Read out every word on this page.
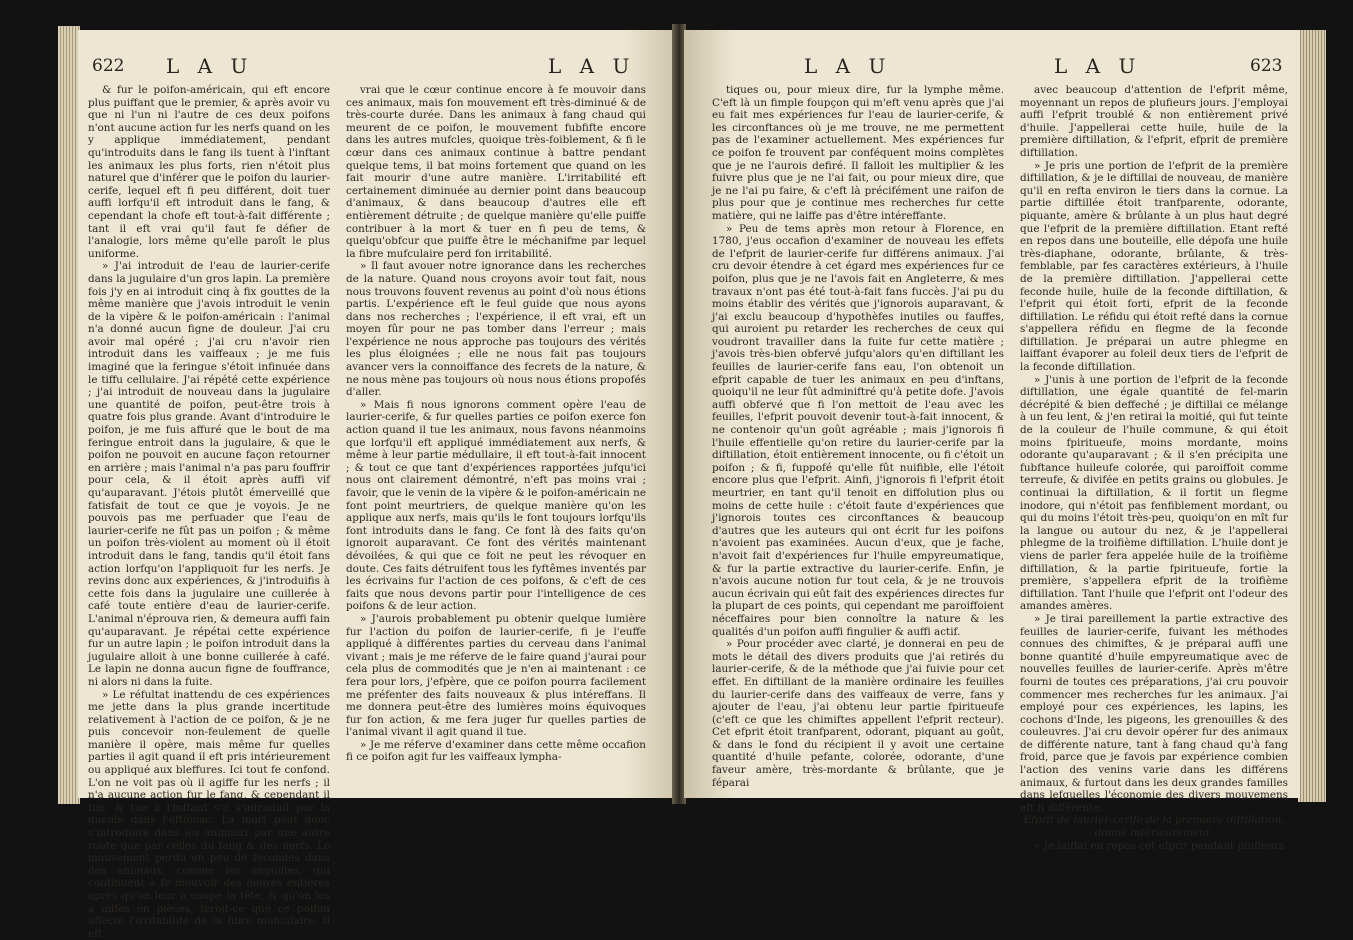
622 L A U

& fur le poifon-américain, qui eft encore plus puiffant que le premier, & après avoir vu que ni l'un ni l'autre de ces deux poifons n'ont aucune action fur les nerfs quand on les y applique immédiatement, pendant qu'introduits dans le fang ils tuent à l'inftant les animaux les plus forts, rien n'étoit plus naturel que d'inférer que le poifon du laurier-cerife, lequel eft fi peu différent, doit tuer auffi lorfqu'il eft introduit dans le fang, & cependant la chofe eft tout-à-fait différente ; tant il eft vrai qu'il faut fe défier de l'analogie, lors même qu'elle paroît le plus uniforme.

» J'ai introduit de l'eau de laurier-cerife dans la jugulaire d'un gros lapin. La première fois j'y en ai introduit cinq à fix gouttes de la même manière que j'avois introduit le venin de la vipère & le poifon-américain : l'animal n'a donné aucun figne de douleur. J'ai cru avoir mal opéré ; j'ai cru n'avoir rien introduit dans les vaiffeaux ; je me fuis imaginé que la feringue s'étoit infinuée dans le tiffu cellulaire. J'ai répété cette expérience ; j'ai introduit de nouveau dans la jugulaire une quantité de poifon, peut-être trois à quatre fois plus grande. Avant d'introduire le poifon, je me fuis affuré que le bout de ma feringue entroit dans la jugulaire, & que le poifon ne pouvoit en aucune façon retourner en arrière ; mais l'animal n'a pas paru fouffrir pour cela, & il étoit après auffi vif qu'auparavant. J'étois plutôt émerveillé que fatisfait de tout ce que je voyois. Je ne pouvois pas me perfuader que l'eau de laurier-cerife ne fût pas un poifon ; & même un poifon très-violent au moment où il étoit introduit dans le fang, tandis qu'il étoit fans action lorfqu'on l'appliquoit fur les nerfs. Je revins donc aux expériences, & j'introduifis à cette fois dans la jugulaire une cuillerée à café toute entière d'eau de laurier-cerife. L'animal n'éprouva rien, & demeura auffi fain qu'auparavant. Je répétai cette expérience fur un autre lapin ; le poifon introduit dans la jugulaire alloit à une bonne cuillerée à café. Le lapin ne donna aucun figne de fouffrance, ni alors ni dans la fuite.

» Le réfultat inattendu de ces expériences me jette dans la plus grande incertitude relativement à l'action de ce poifon, & je ne puis concevoir non-feulement de quelle manière il opère, mais même fur quelles parties il agit quand il eft pris intérieurement ou appliqué aux bleffures. Ici tout fe confond. L'on ne voit pas où il agiffe fur les nerfs ; il n'a aucune action fur le fang, & cependant il tue, & tue à l'inftant s'il s'introduit par la gueule dans l'eftomac. La mort peut donc s'introduire dans les animaux par une autre route que par celles du fang & des nerfs. Le mouvement perdu en peu de fecondes dans des animaux, comme les anguilles, qui continuent à fe mouvoir des heures entières après qu'on leur a coupé la tête, & qu'on les a mifes en pièces, feroit-ce que ce poifon affecte l'irritabilité de la fibre mufculaire. Il eft

L A U

vrai que le cœur continue encore à fe mouvoir dans ces animaux, mais fon mouvement eft très-diminué & de très-courte durée. Dans les animaux à fang chaud qui meurent de ce poifon, le mouvement fubfifte encore dans les autres mufcles, quoique très-foiblement, & fi le cœur dans ces animaux continue à battre pendant quelque tems, il bat moins fortement que quand on les fait mourir d'une autre manière. L'irritabilité eft certainement diminuée au dernier point dans beaucoup d'animaux, & dans beaucoup d'autres elle eft entièrement détruite ; de quelque manière qu'elle puiffe contribuer à la mort & tuer en fi peu de tems, & quelqu'obfcur que puiffe être le méchanifme par lequel la fibre mufculaire perd fon irritabilité.

» Il faut avouer notre ignorance dans les recherches de la nature. Quand nous croyons avoir tout fait, nous nous trouvons fouvent revenus au point d'où nous étions partis. L'expérience eft le feul guide que nous ayons dans nos recherches ; l'expérience, il eft vrai, eft un moyen fûr pour ne pas tomber dans l'erreur ; mais l'expérience ne nous approche pas toujours des vérités les plus éloignées ; elle ne nous fait pas toujours avancer vers la connoiffance des fecrets de la nature, & ne nous mène pas toujours où nous nous étions propofés d'aller.

» Mais fi nous ignorons comment opère l'eau de laurier-cerife, & fur quelles parties ce poifon exerce fon action quand il tue les animaux, nous favons néanmoins que lorfqu'il eft appliqué immédiatement aux nerfs, & même à leur partie médullaire, il eft tout-à-fait innocent ; & tout ce que tant d'expériences rapportées jufqu'ici nous ont clairement démontré, n'eft pas moins vrai ; favoir, que le venin de la vipère & le poifon-américain ne font point meurtriers, de quelque manière qu'on les applique aux nerfs, mais qu'ils le font toujours lorfqu'ils font introduits dans le fang. Ce font là des faits qu'on ignoroit auparavant. Ce font des vérités maintenant dévoilées, & qui que ce foit ne peut les révoquer en doute. Ces faits détruifent tous les fyftêmes inventés par les écrivains fur l'action de ces poifons, & c'eft de ces faits que nous devons partir pour l'intelligence de ces poifons & de leur action.

» J'aurois probablement pu obtenir quelque lumière fur l'action du poifon de laurier-cerife, fi je l'euffe appliqué à différentes parties du cerveau dans l'animal vivant ; mais je me réferve de le faire quand j'aurai pour cela plus de commodités que je n'en ai maintenant : ce fera pour lors, j'efpère, que ce poifon pourra facilement me préfenter des faits nouveaux & plus intéreffans. Il me donnera peut-être des lumières moins équivoques fur fon action, & me fera juger fur quelles parties de l'animal vivant il agit quand il tue.

» Je me réferve d'examiner dans cette même occafion fi ce poifon agit fur les vaiffeaux lympha-

L A U

tiques ou, pour mieux dire, fur la lymphe même. C'eft là un fimple foupçon qui m'eft venu après que j'ai eu fait mes expériences fur l'eau de laurier-cerife, & les circonftances où je me trouve, ne me permettent pas de l'examiner actuellement. Mes expériences fur ce poifon fe trouvent par conféquent moins complètes que je ne l'aurois defiré. Il falloit les multiplier & les fuivre plus que je ne l'ai fait, ou pour mieux dire, que je ne l'ai pu faire, & c'eft là précifément une raifon de plus pour que je continue mes recherches fur cette matière, qui ne laiffe pas d'être intéreffante.

» Peu de tems après mon retour à Florence, en 1780, j'eus occafion d'examiner de nouveau les effets de l'efprit de laurier-cerife fur différens animaux. J'ai cru devoir étendre à cet égard mes expériences fur ce poifon, plus que je ne l'avois fait en Angleterre, & mes travaux n'ont pas été tout-à-fait fans fuccès. J'ai pu du moins établir des vérités que j'ignorois auparavant, & j'ai exclu beaucoup d'hypothèfes inutiles ou fauffes, qui auroient pu retarder les recherches de ceux qui voudront travailler dans la fuite fur cette matière ; j'avois très-bien obfervé jufqu'alors qu'en diftillant les feuilles de laurier-cerife fans eau, l'on obtenoit un efprit capable de tuer les animaux en peu d'inftans, quoiqu'il ne leur fût adminiftré qu'à petite dofe. J'avois auffi obfervé que fi l'on mettoit de l'eau avec les feuilles, l'efprit pouvoit devenir tout-à-fait innocent, & ne contenoir qu'un goût agréable ; mais j'ignorois fi l'huile effentielle qu'on retire du laurier-cerife par la diftillation, étoit entièrement innocente, ou fi c'étoit un poifon ; & fi, fuppofé qu'elle fût nuifible, elle l'étoit encore plus que l'efprit. Ainfi, j'ignorois fi l'efprit étoit meurtrier, en tant qu'il tenoit en diffolution plus ou moins de cette huile : c'étoit faute d'expériences que j'ignorois toutes ces circonftances & beaucoup d'autres que les auteurs qui ont écrit fur les poifons n'avoient pas examinées. Aucun d'eux, que je fache, n'avoit fait d'expériences fur l'huile empyreumatique, & fur la partie extractive du laurier-cerife. Enfin, je n'avois aucune notion fur tout cela, & je ne trouvois aucun écrivain qui eût fait des expériences directes fur la plupart de ces points, qui cependant me paroiffoient néceffaires pour bien connoître la nature & les qualités d'un poifon auffi fingulier & auffi actif.

» Pour procéder avec clarté, je donnerai en peu de mots le détail des divers produits que j'ai retirés du laurier-cerife, & de la méthode que j'ai fuivie pour cet effet. En diftillant de la manière ordinaire les feuilles du laurier-cerife dans des vaiffeaux de verre, fans y ajouter de l'eau, j'ai obtenu leur partie fpiritueufe (c'eft ce que les chimiftes appellent l'efprit recteur). Cet efprit étoit tranfparent, odorant, piquant au goût, & dans le fond du récipient il y avoit une certaine quantité d'huile pefante, colorée, odorante, d'une faveur amère, très-mordante & brûlante, que je féparai

L A U	623

avec beaucoup d'attention de l'efprit même, moyennant un repos de plufieurs jours. J'employai auffi l'efprit troublé & non entièrement privé d'huile. J'appellerai cette huile, huile de la première diftillation, & l'efprit, efprit de première diftillation.

» Je pris une portion de l'efprit de la première diftillation, & je le diftillai de nouveau, de manière qu'il en refta environ le tiers dans la cornue. La partie diftillée étoit tranfparente, odorante, piquante, amère & brûlante à un plus haut degré que l'efprit de la première diftillation. Etant refté en repos dans une bouteille, elle dépofa une huile très-diaphane, odorante, brûlante, & très-femblable, par fes caractères extérieurs, à l'huile de la première diftillation. J'appellerai cette feconde huile, huile de la feconde diftillation, & l'efprit qui étoit forti, efprit de la feconde diftillation. Le réfidu qui étoit refté dans la cornue s'appellera réfidu en flegme de la feconde diftillation. Je préparai un autre phlegme en laiffant évaporer au foleil deux tiers de l'efprit de la feconde diftillation.

» J'unis à une portion de l'efprit de la feconde diftillation, une égale quantité de fel-marin décrépité & bien deffeché ; je diftillai ce mélange à un feu lent, & j'en retirai la moitié, qui fut teinte de la couleur de l'huile commune, & qui étoit moins fpiritueufe, moins mordante, moins odorante qu'auparavant ; & il s'en précipita une fubftance huileufe colorée, qui paroiffoit comme terreufe, & divifée en petits grains ou globules. Je continuai la diftillation, & il fortit un flegme inodore, qui n'étoit pas fenfiblement mordant, ou qui du moins l'étoit très-peu, quoiqu'on en mît fur la langue ou autour du nez, & je l'appellerai phlegme de la troifième diftillation. L'huile dont je viens de parler fera appelée huile de la troifième diftillation, & la partie fpiritueufe, fortie la première, s'appellera efprit de la troifième diftillation. Tant l'huile que l'efprit ont l'odeur des amandes amères.

» Je tirai pareillement la partie extractive des feuilles de laurier-cerife, fuivant les méthodes connues des chimiftes, & je préparai auffi une bonne quantité d'huile empyreumatique avec de nouvelles feuilles de laurier-cerife. Après m'être fourni de toutes ces préparations, j'ai cru pouvoir commencer mes recherches fur les animaux. J'ai employé pour ces expériences, les lapins, les cochons d'Inde, les pigeons, les grenouilles & des couleuvres. J'ai cru devoir opérer fur des animaux de différente nature, tant à fang chaud qu'à fang froid, parce que je favois par expérience combien l'action des venins varie dans les différens animaux, & furtout dans les deux grandes familles dans lefquelles l'économie des divers mouvemens eft fi différente.

Efprit de laurier-cerife de la première diftillation, donné intérieurement.

» Je laiffai en repos cet efprit pendant plufieurs
